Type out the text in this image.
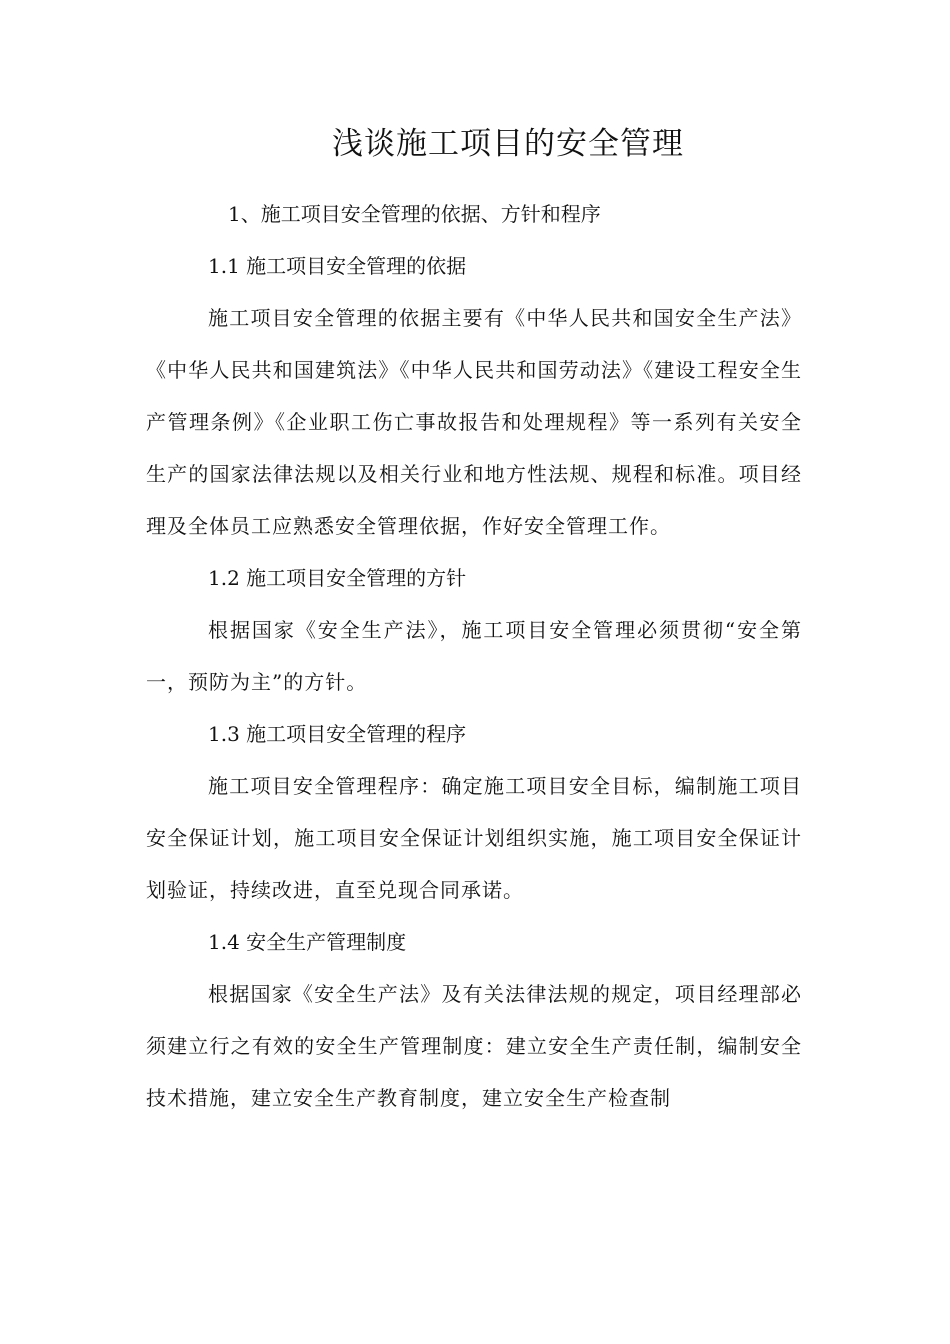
浅谈施工项目的安全管理

1、施工项目安全管理的依据、方针和程序

1.1 施工项目安全管理的依据

施工项目安全管理的依据主要有《中华人民共和国安全生产法》《中华人民共和国建筑法》《中华人民共和国劳动法》《建设工程安全生产管理条例》《企业职工伤亡事故报告和处理规程》等一系列有关安全生产的国家法律法规以及相关行业和地方性法规、规程和标准。项目经理及全体员工应熟悉安全管理依据，作好安全管理工作。

1.2 施工项目安全管理的方针

根据国家《安全生产法》，施工项目安全管理必须贯彻“安全第一，预防为主”的方针。

1.3 施工项目安全管理的程序

施工项目安全管理程序：确定施工项目安全目标，编制施工项目安全保证计划，施工项目安全保证计划组织实施，施工项目安全保证计划验证，持续改进，直至兑现合同承诺。

1.4 安全生产管理制度

根据国家《安全生产法》及有关法律法规的规定，项目经理部必须建立行之有效的安全生产管理制度：建立安全生产责任制，编制安全技术措施，建立安全生产教育制度，建立安全生产检查制
